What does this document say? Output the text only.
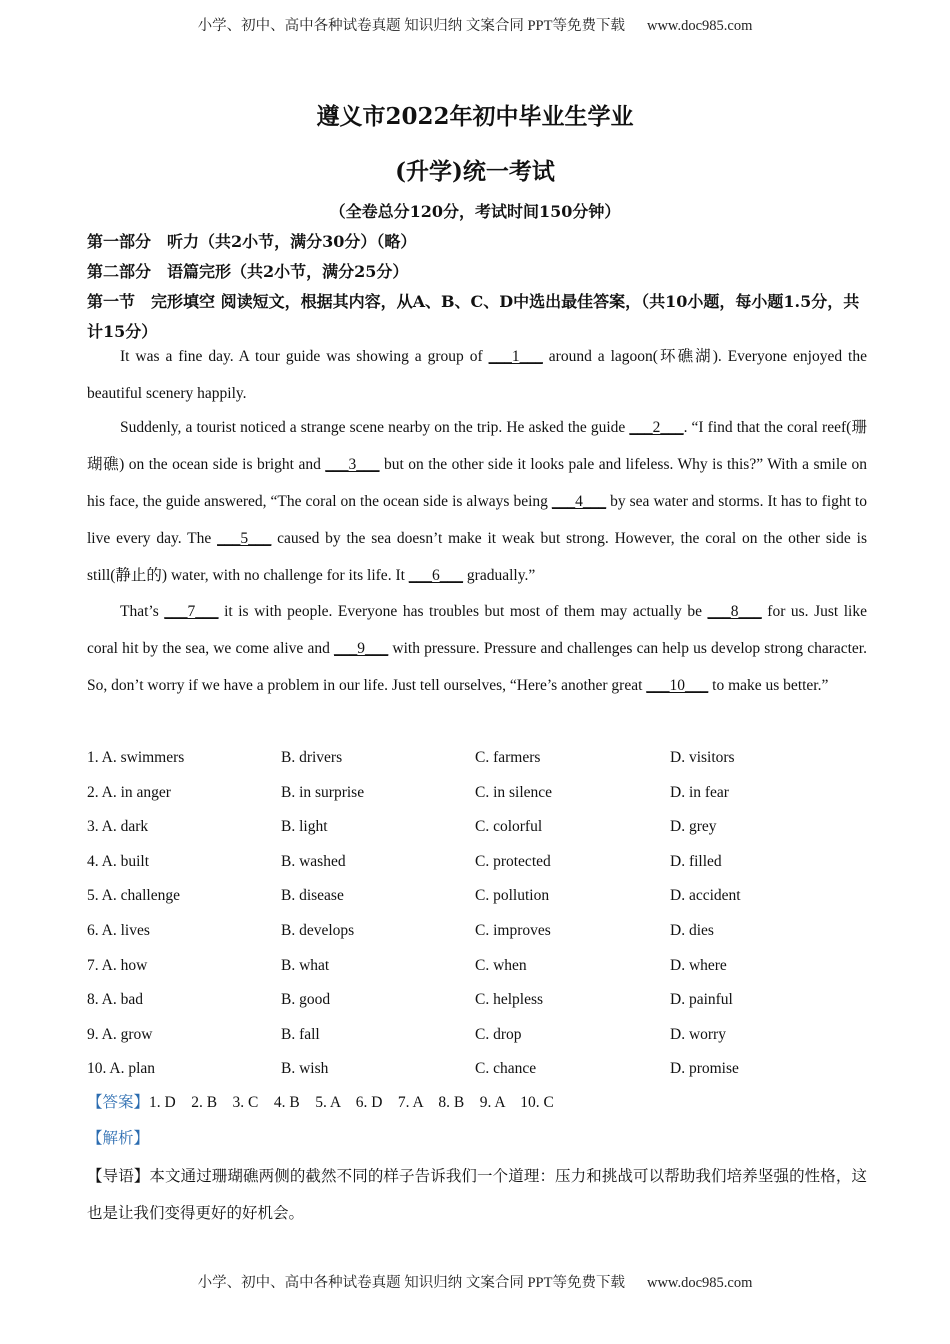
小学、初中、高中各种试卷真题 知识归纳 文案合同 PPT等免费下载 www.doc985.com
遵义市2022年初中毕业生学业
(升学)统一考试
（全卷总分120分，考试时间150分钟）
第一部分　听力（共2小节，满分30分）（略）
第二部分　语篇完形（共2小节，满分25分）
第一节　完形填空 阅读短文，根据其内容，从A、B、C、D中选出最佳答案，（共10小题，每小题1.5分，共计15分）

It was a fine day. A tour guide was showing a group of ___1___ around a lagoon(环礁湖). Everyone enjoyed the beautiful scenery happily.

Suddenly, a tourist noticed a strange scene nearby on the trip. He asked the guide ___2___. “I find that the coral reef(珊瑚礁) on the ocean side is bright and ___3___ but on the other side it looks pale and lifeless. Why is this?” With a smile on his face, the guide answered, “The coral on the ocean side is always being ___4___ by sea water and storms. It has to fight to live every day. The ___5___ caused by the sea doesn’t make it weak but strong. However, the coral on the other side is still(静止的) water, with no challenge for its life. It ___6___ gradually.”

That’s ___7___ it is with people. Everyone has troubles but most of them may actually be ___8___ for us. Just like coral hit by the sea, we come alive and ___9___ with pressure. Pressure and challenges can help us develop strong character. So, don’t worry if we have a problem in our life. Just tell ourselves, “Here’s another great ___10___ to make us better.”

1. A. swimmers	B. drivers	C. farmers	D. visitors
2. A. in anger	B. in surprise	C. in silence	D. in fear
3. A. dark	B. light	C. colorful	D. grey
4. A. built	B. washed	C. protected	D. filled
5. A. challenge	B. disease	C. pollution	D. accident
6. A. lives	B. develops	C. improves	D. dies
7. A. how	B. what	C. when	D. where
8. A. bad	B. good	C. helpless	D. painful
9. A. grow	B. fall	C. drop	D. worry
10. A. plan	B. wish	C. chance	D. promise
【答案】1. D　2. B　3. C　4. B　5. A　6. D　7. A　8. B　9. A　10. C
【解析】
【导语】本文通过珊瑚礁两侧的截然不同的样子告诉我们一个道理：压力和挑战可以帮助我们培养坚强的性格，这也是让我们变得更好的好机会。
小学、初中、高中各种试卷真题 知识归纳 文案合同 PPT等免费下载 www.doc985.com
